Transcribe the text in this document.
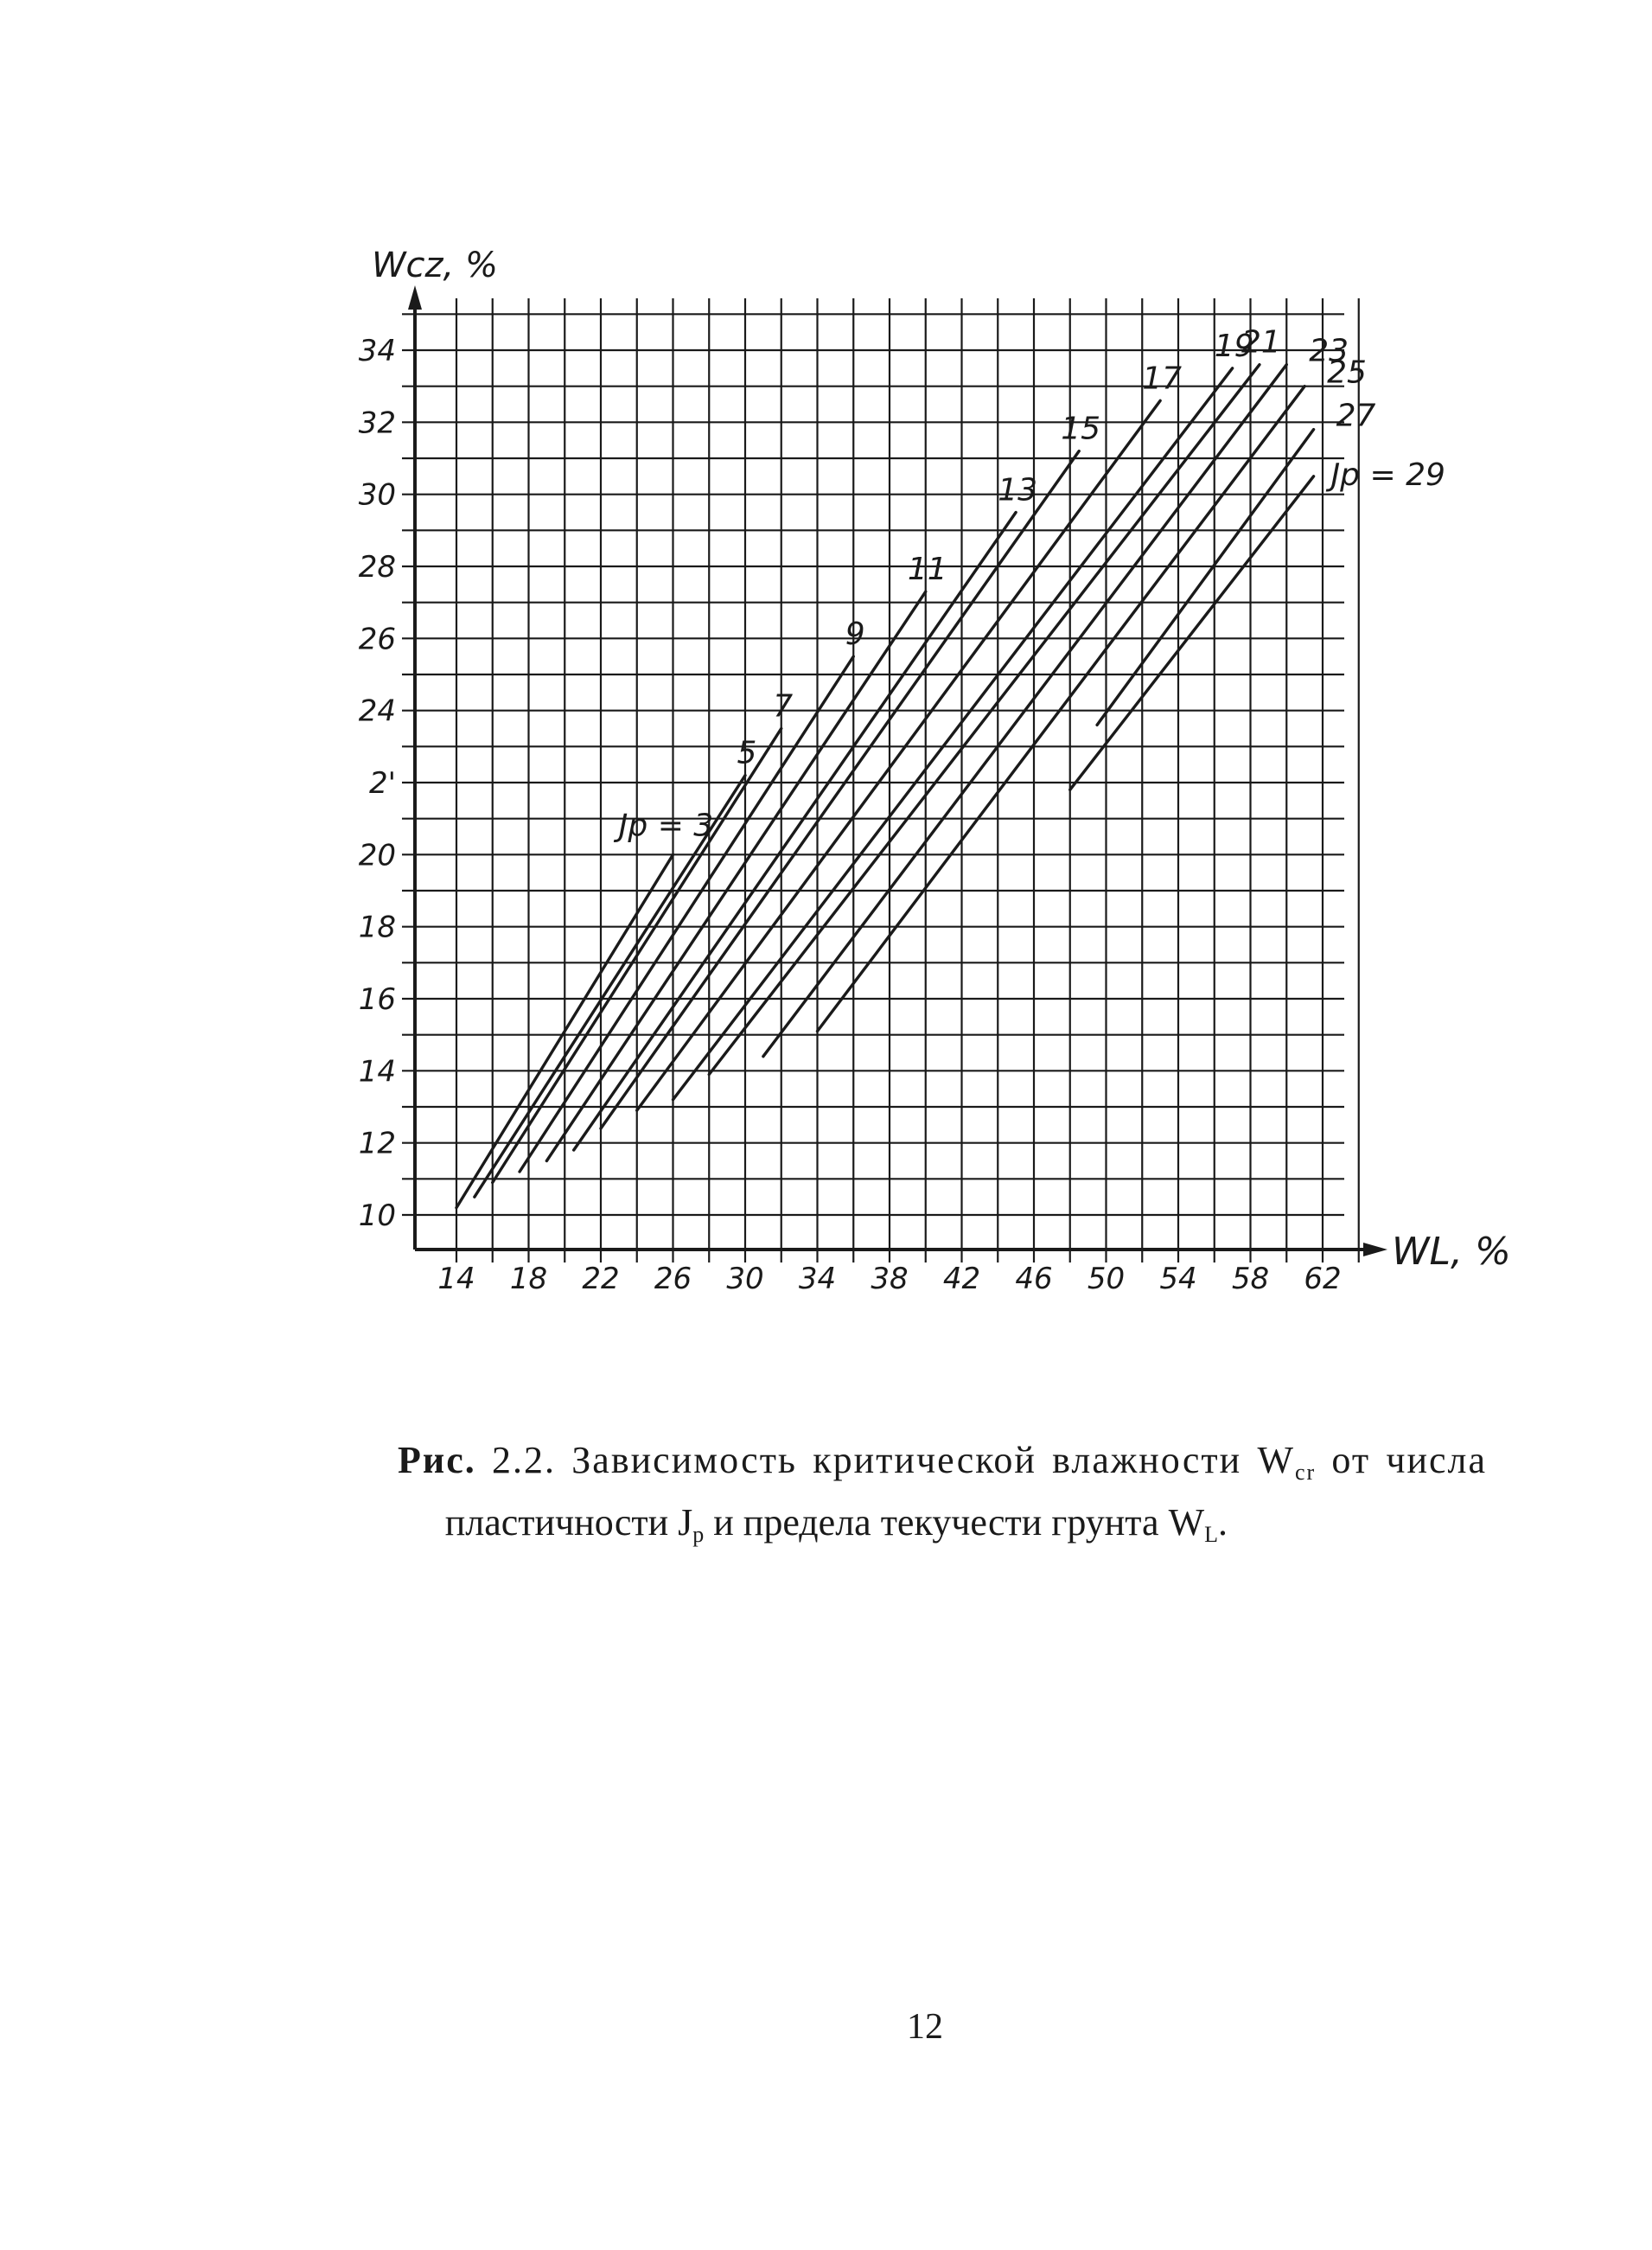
14 18 22 26 30 34 38 42 46 50 54 58 62
10
12
14
16
18
20
2'
24
26
28
30
32
34
Jp = 3
5
7
9
11
13
15
17
19
21 23
25
27
Jp = 29
Wcz, %
WL, %
Рис. 2.2. Зависимость критической влажности $W_{cr}$ от числа
пластичности $J_p$ и предела текучести грунта $W_L$.
12
